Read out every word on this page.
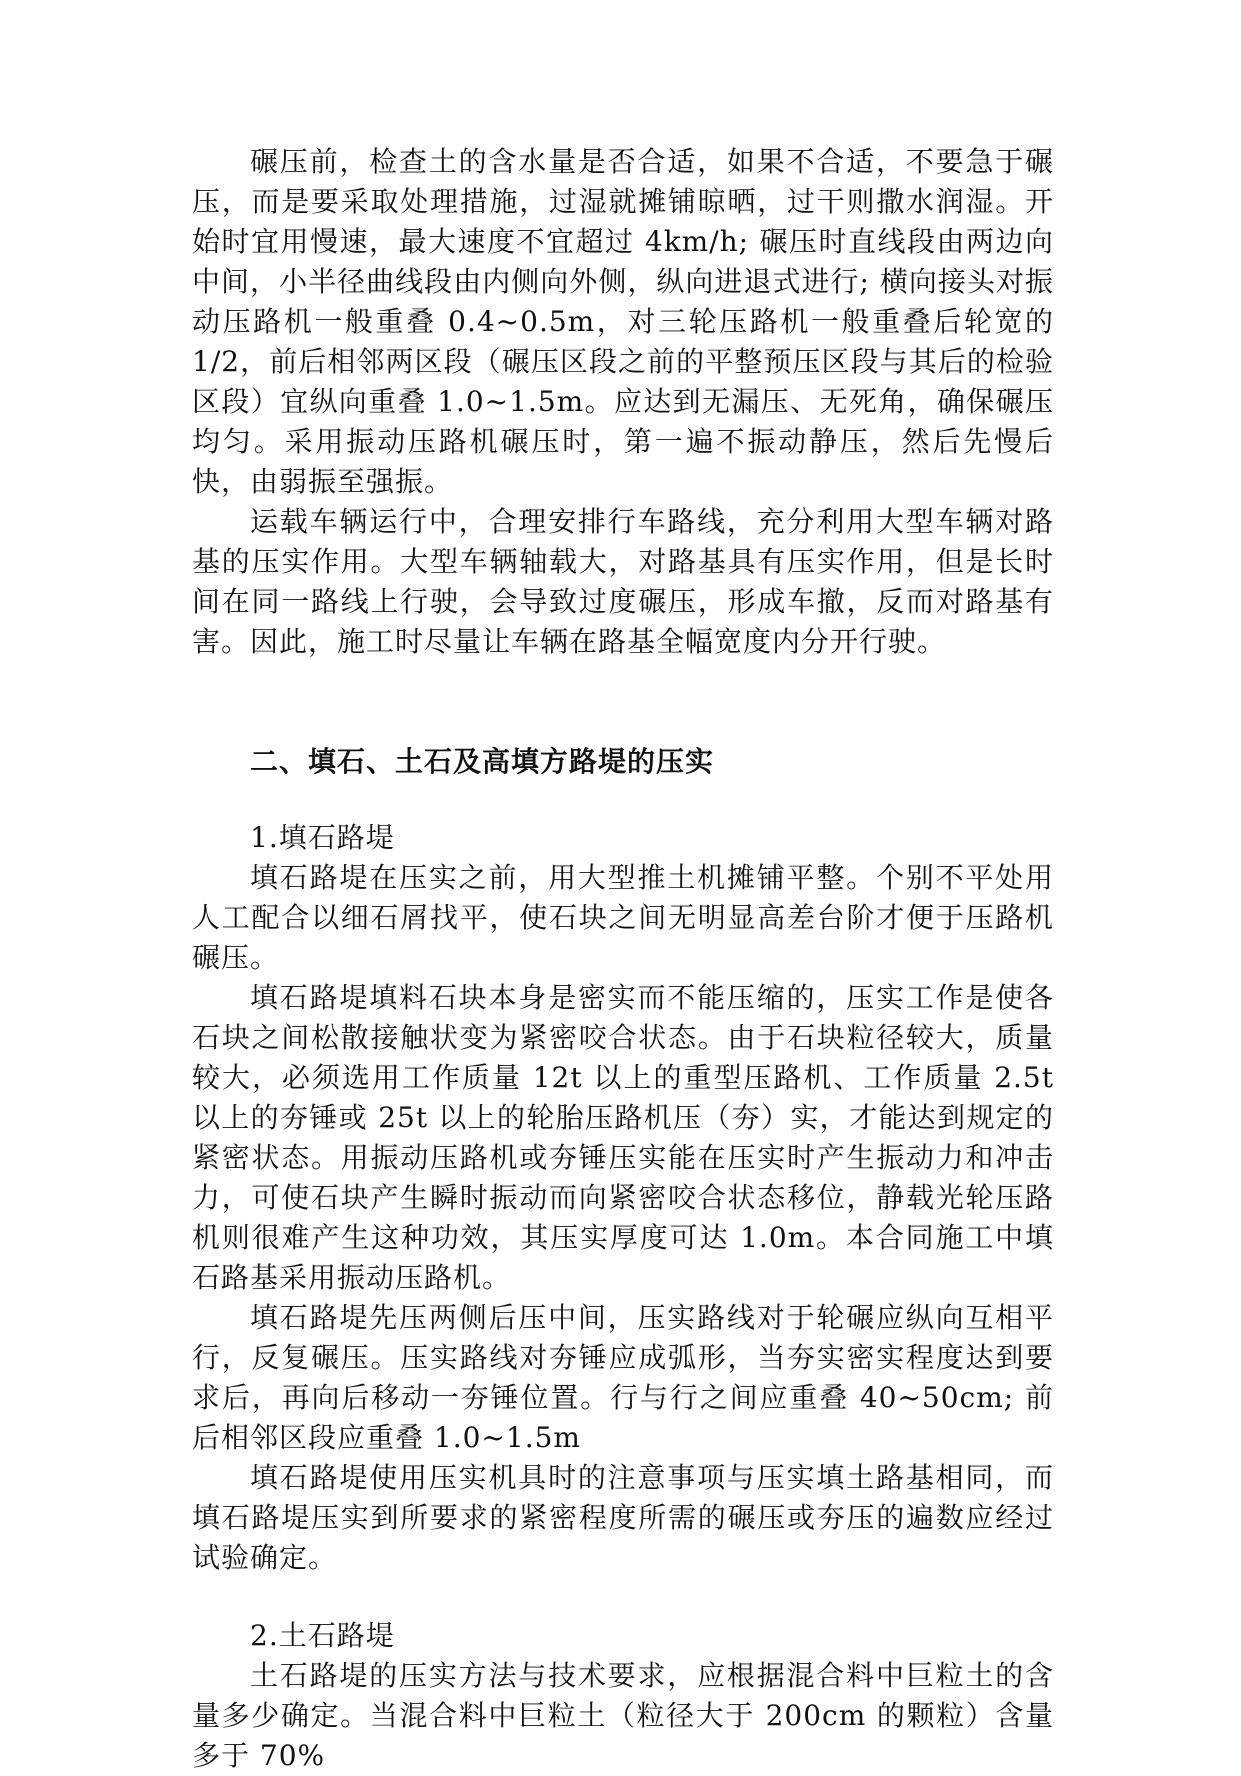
碾压前，检查土的含水量是否合适，如果不合适，不要急于碾压，而是要采取处理措施，过湿就摊铺晾晒，过干则撒水润湿。开始时宜用慢速，最大速度不宜超过 4km/h; 碾压时直线段由两边向中间，小半径曲线段由内侧向外侧，纵向进退式进行; 横向接头对振动压路机一般重叠 0.4~0.5m，对三轮压路机一般重叠后轮宽的 1/2，前后相邻两区段（碾压区段之前的平整预压区段与其后的检验区段）宜纵向重叠 1.0~1.5m。应达到无漏压、无死角，确保碾压均匀。采用振动压路机碾压时，第一遍不振动静压，然后先慢后快，由弱振至强振。

运载车辆运行中，合理安排行车路线，充分利用大型车辆对路基的压实作用。大型车辆轴载大，对路基具有压实作用，但是长时间在同一路线上行驶，会导致过度碾压，形成车撤，反而对路基有害。因此，施工时尽量让车辆在路基全幅宽度内分开行驶。

二、填石、土石及高填方路堤的压实

1.填石路堤

填石路堤在压实之前，用大型推土机摊铺平整。个别不平处用人工配合以细石屑找平，使石块之间无明显高差台阶才便于压路机碾压。

填石路堤填料石块本身是密实而不能压缩的，压实工作是使各石块之间松散接触状变为紧密咬合状态。由于石块粒径较大，质量较大，必须选用工作质量 12t 以上的重型压路机、工作质量 2.5t 以上的夯锤或 25t 以上的轮胎压路机压（夯）实，才能达到规定的紧密状态。用振动压路机或夯锤压实能在压实时产生振动力和冲击力，可使石块产生瞬时振动而向紧密咬合状态移位，静载光轮压路机则很难产生这种功效，其压实厚度可达 1.0m。本合同施工中填石路基采用振动压路机。

填石路堤先压两侧后压中间，压实路线对于轮碾应纵向互相平行，反复碾压。压实路线对夯锤应成弧形，当夯实密实程度达到要求后，再向后移动一夯锤位置。行与行之间应重叠 40~50cm; 前后相邻区段应重叠 1.0~1.5m

填石路堤使用压实机具时的注意事项与压实填土路基相同，而填石路堤压实到所要求的紧密程度所需的碾压或夯压的遍数应经过试验确定。

2.土石路堤

土石路堤的压实方法与技术要求，应根据混合料中巨粒土的含量多少确定。当混合料中巨粒土（粒径大于 200cm 的颗粒）含量多于 70%
